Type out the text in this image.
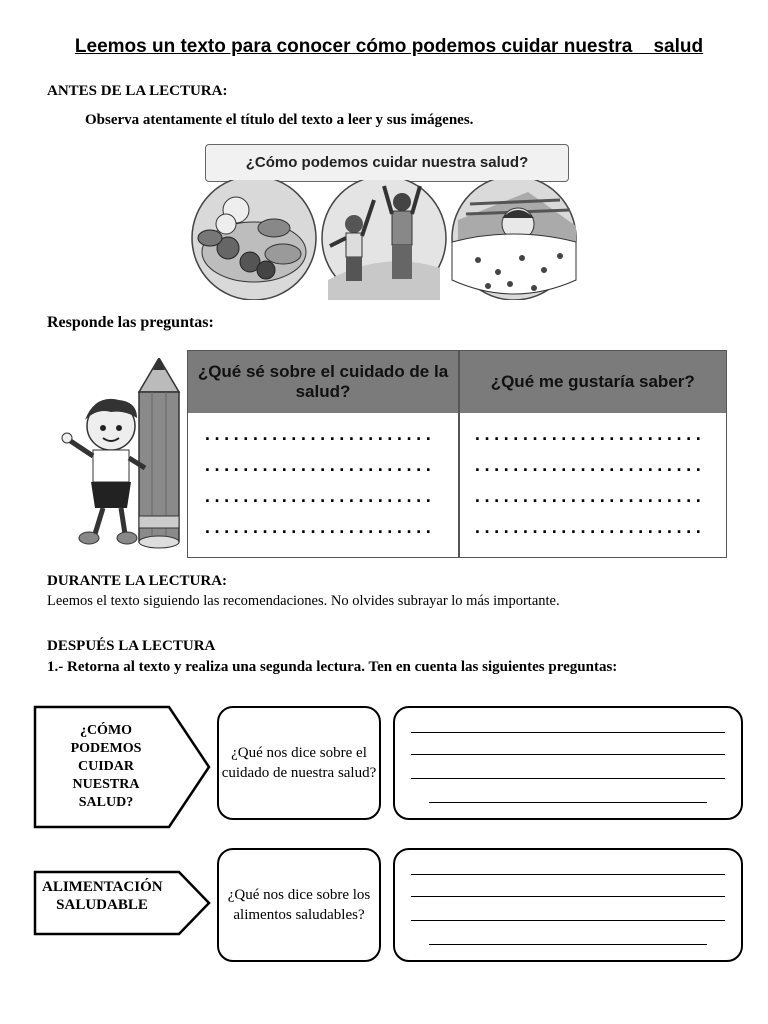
Leemos un texto para conocer cómo podemos cuidar nuestra    salud
ANTES DE LA LECTURA:
Observa atentamente el título del texto a leer y sus imágenes.
¿Cómo podemos cuidar nuestra salud?
Responde las preguntas:
¿Qué sé sobre el cuidado de la salud?
¿Qué me gustaría saber?
........................
........................
........................
........................
........................
........................
........................
........................
DURANTE LA LECTURA:
Leemos el texto siguiendo las recomendaciones. No olvides subrayar lo más importante.
DESPUÉS LA LECTURA
1.- Retorna al texto y realiza una segunda lectura. Ten en cuenta las siguientes preguntas:
¿CÓMO PODEMOS CUIDAR NUESTRA SALUD?
¿Qué nos dice sobre el cuidado de nuestra salud?
ALIMENTACIÓN SALUDABLE
¿Qué nos dice sobre los alimentos saludables?
